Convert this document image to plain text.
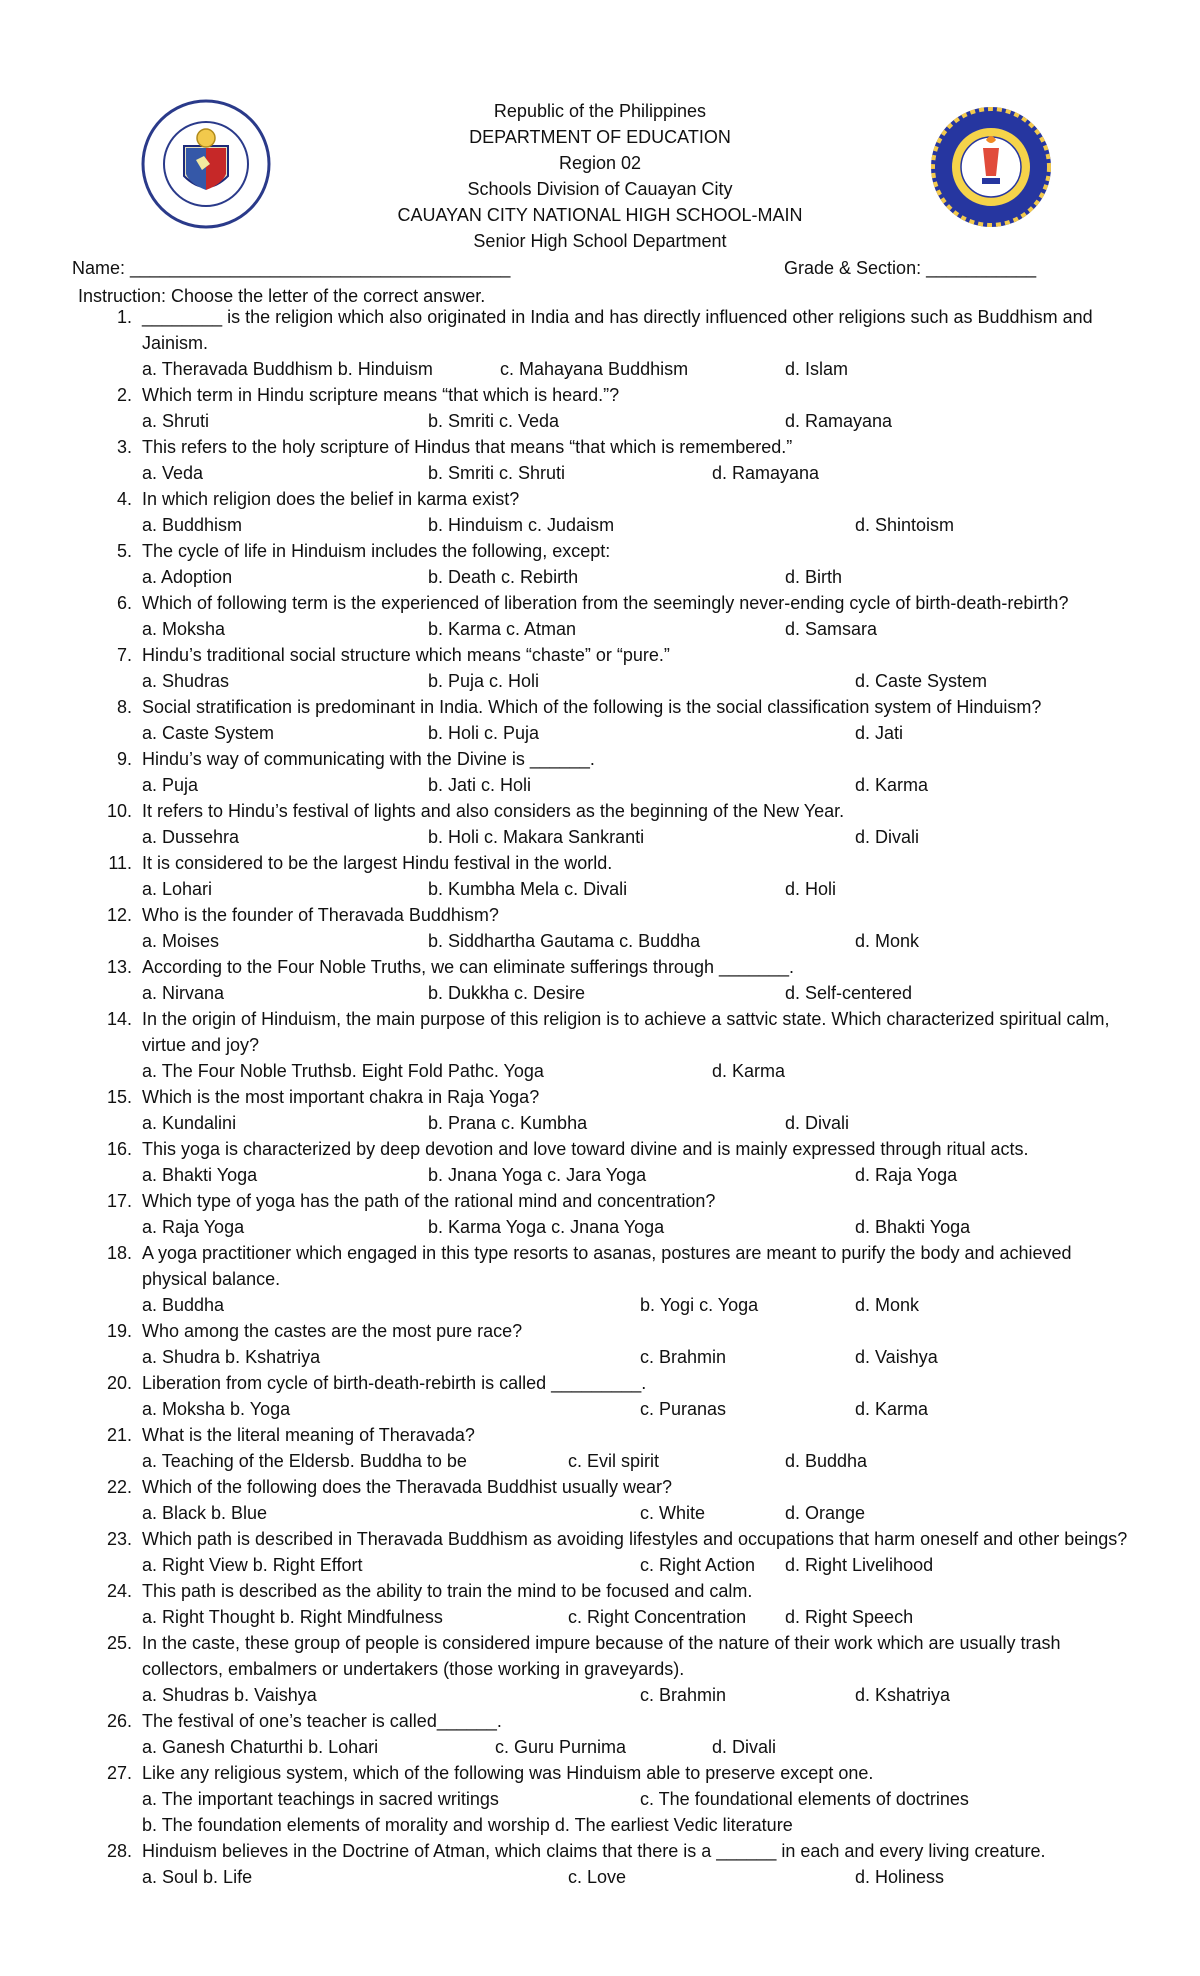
Republic of the Philippines
DEPARTMENT OF EDUCATION
Region 02
Schools Division of Cauayan City
CAUAYAN CITY NATIONAL HIGH SCHOOL-MAIN
Senior High School Department
Name: ______________________________________	Grade & Section: ___________
Instruction: Choose the letter of the correct answer.
1. ________ is the religion which also originated in India and has directly influenced other religions such as Buddhism and Jainism.
a. Theravada Buddhism b. Hinduism	c. Mahayana Buddhism	d. Islam
2. Which term in Hindu scripture means “that which is heard.”?
a. Shruti	b. Smriti c. Veda	d. Ramayana
3. This refers to the holy scripture of Hindus that means “that which is remembered.”
a. Veda	b. Smriti c. Shruti	d. Ramayana
4. In which religion does the belief in karma exist?
a. Buddhism	b. Hinduism c. Judaism	d. Shintoism
5. The cycle of life in Hinduism includes the following, except:
a. Adoption	b. Death c. Rebirth	d. Birth
6. Which of following term is the experienced of liberation from the seemingly never-ending cycle of birth-death-rebirth?
a. Moksha	b. Karma c. Atman	d. Samsara
7. Hindu’s traditional social structure which means “chaste” or “pure.”
a. Shudras	b. Puja c. Holi	d. Caste System
8. Social stratification is predominant in India. Which of the following is the social classification system of Hinduism?
a. Caste System	b. Holi c. Puja	d. Jati
9. Hindu’s way of communicating with the Divine is ______.
a. Puja	b. Jati c. Holi	d. Karma
10. It refers to Hindu’s festival of lights and also considers as the beginning of the New Year.
a. Dussehra	b. Holi c. Makara Sankranti	d. Divali
11. It is considered to be the largest Hindu festival in the world.
a. Lohari	b. Kumbha Mela c. Divali	d. Holi
12. Who is the founder of Theravada Buddhism?
a. Moises	b. Siddhartha Gautama c. Buddha	d. Monk
13. According to the Four Noble Truths, we can eliminate sufferings through _______.
a. Nirvana	b. Dukkha c. Desire	d. Self-centered
14. In the origin of Hinduism, the main purpose of this religion is to achieve a sattvic state. Which characterized spiritual calm, virtue and joy?
a. The Four Noble Truthsb. Eight Fold Pathc. Yoga	d. Karma
15. Which is the most important chakra in Raja Yoga?
a. Kundalini	b. Prana c. Kumbha	d. Divali
16. This yoga is characterized by deep devotion and love toward divine and is mainly expressed through ritual acts.
a. Bhakti Yoga	b. Jnana Yoga c. Jara Yoga	d. Raja Yoga
17. Which type of yoga has the path of the rational mind and concentration?
a. Raja Yoga	b. Karma Yoga c. Jnana Yoga	d. Bhakti Yoga
18. A yoga practitioner which engaged in this type resorts to asanas, postures are meant to purify the body and achieved physical balance.
a. Buddha	b. Yogi c. Yoga	d. Monk
19. Who among the castes are the most pure race?
a. Shudra b. Kshatriya	c. Brahmin	d. Vaishya
20. Liberation from cycle of birth-death-rebirth is called _________.
a. Moksha b. Yoga	c. Puranas	d. Karma
21. What is the literal meaning of Theravada?
a. Teaching of the Eldersb. Buddha to be	c. Evil spirit	d. Buddha
22. Which of the following does the Theravada Buddhist usually wear?
a. Black b. Blue	c. White	d. Orange
23. Which path is described in Theravada Buddhism as avoiding lifestyles and occupations that harm oneself and other beings?
a. Right View b. Right Effort	c. Right Action d. Right Livelihood
24. This path is described as the ability to train the mind to be focused and calm.
a. Right Thought b. Right Mindfulness	c. Right Concentration d. Right Speech
25. In the caste, these group of people is considered impure because of the nature of their work which are usually trash collectors, embalmers or undertakers (those working in graveyards).
a. Shudras b. Vaishya	c. Brahmin	d. Kshatriya
26. The festival of one’s teacher is called______.
a. Ganesh Chaturthi b. Lohari	c. Guru Purnima	d. Divali
27. Like any religious system, which of the following was Hinduism able to preserve except one.
a. The important teachings in sacred writings	c. The foundational elements of doctrines
b. The foundation elements of morality and worship d. The earliest Vedic literature
28. Hinduism believes in the Doctrine of Atman, which claims that there is a ______ in each and every living creature.
a. Soul b. Life	c. Love	d. Holiness
